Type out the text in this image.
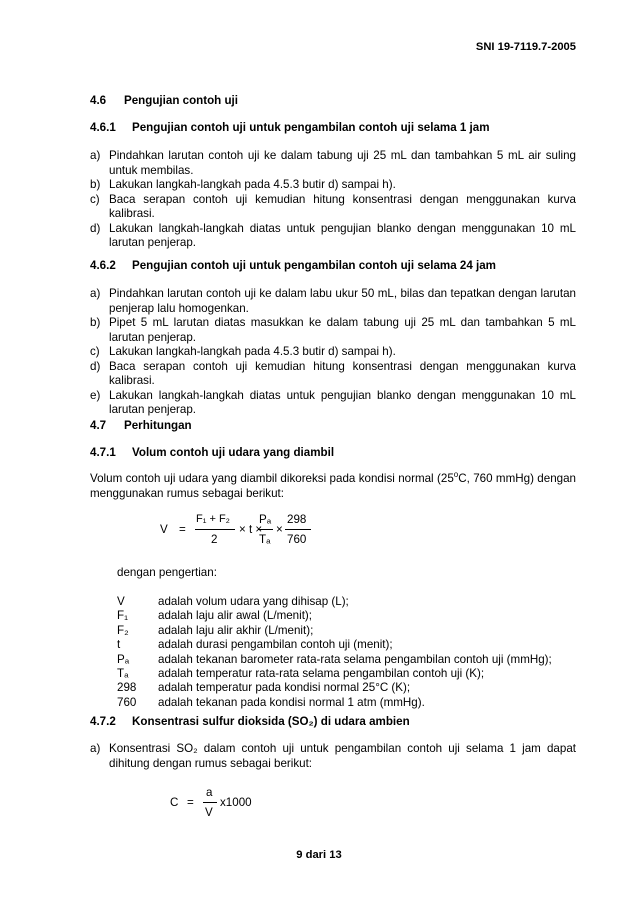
SNI 19-7119.7-2005
4.6 Pengujian contoh uji
4.6.1 Pengujian contoh uji untuk pengambilan contoh uji selama 1 jam
a) Pindahkan larutan contoh uji ke dalam tabung uji 25 mL dan tambahkan 5 mL air suling untuk membilas.
b) Lakukan langkah-langkah pada 4.5.3 butir d) sampai h).
c) Baca serapan contoh uji kemudian hitung konsentrasi dengan menggunakan kurva kalibrasi.
d) Lakukan langkah-langkah diatas untuk pengujian blanko dengan menggunakan 10 mL larutan penjerap.
4.6.2 Pengujian contoh uji untuk pengambilan contoh uji selama 24 jam
a) Pindahkan larutan contoh uji ke dalam labu ukur 50 mL, bilas dan tepatkan dengan larutan penjerap lalu homogenkan.
b) Pipet 5 mL larutan diatas masukkan ke dalam tabung uji 25 mL dan tambahkan 5 mL larutan penjerap.
c) Lakukan langkah-langkah pada 4.5.3 butir d) sampai h).
d) Baca serapan contoh uji kemudian hitung konsentrasi dengan menggunakan kurva kalibrasi.
e) Lakukan langkah-langkah diatas untuk pengujian blanko dengan menggunakan 10 mL larutan penjerap.
4.7 Perhitungan
4.7.1 Volum contoh uji udara yang diambil
Volum contoh uji udara yang diambil dikoreksi pada kondisi normal (25$^o$C, 760 mmHg) dengan menggunakan rumus sebagai berikut:
V =
F₁ + F₂
2
× t ×
Pₐ
Tₐ
×
298
760
dengan pengertian:
V	adalah volum udara yang dihisap (L);
F₁	adalah laju alir awal (L/menit);
F₂	adalah laju alir akhir (L/menit);
t	adalah durasi pengambilan contoh uji (menit);
Pₐ	adalah tekanan barometer rata-rata selama pengambilan contoh uji (mmHg);
Tₐ	adalah temperatur rata-rata selama pengambilan contoh uji (K);
298	adalah temperatur pada kondisi normal 25°C (K);
760	adalah tekanan pada kondisi normal 1 atm (mmHg).
4.7.2 Konsentrasi sulfur dioksida (SO₂) di udara ambien
a) Konsentrasi SO₂ dalam contoh uji untuk pengambilan contoh uji selama 1 jam dapat dihitung dengan rumus sebagai berikut:
C =
a
V
x1000
9 dari 13
